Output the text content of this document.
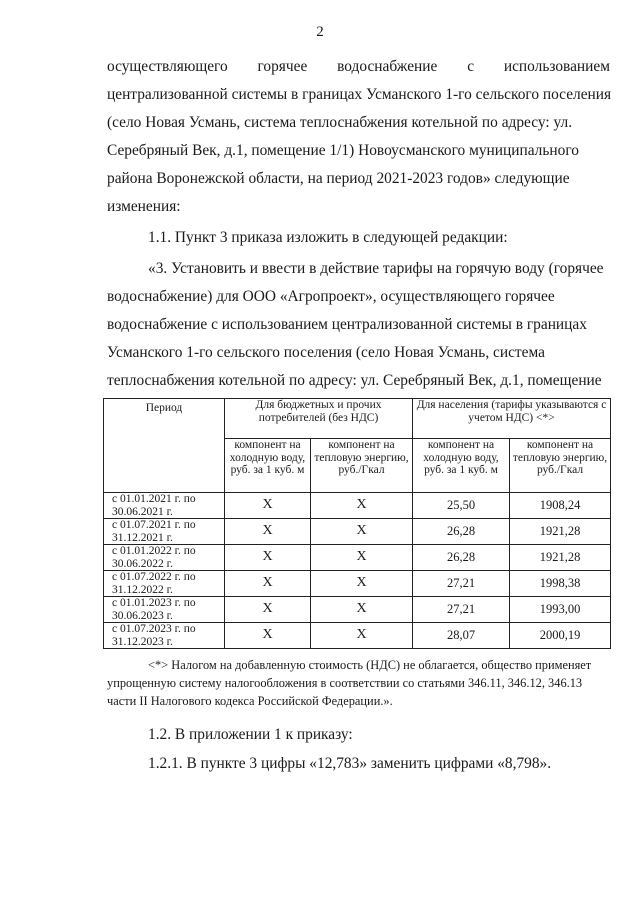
2
осуществляющего горячее водоснабжение с использованием
централизованной системы в границах Усманского 1-го сельского поселения
(село Новая Усмань, система теплоснабжения котельной по адресу: ул.
Серебряный Век, д.1, помещение 1/1) Новоусманского муниципального
района Воронежской области, на период 2021-2023 годов» следующие
изменения:
1.1. Пункт 3 приказа изложить в следующей редакции:
«3. Установить и ввести в действие тарифы на горячую воду (горячее
водоснабжение) для ООО «Агропроект», осуществляющего горячее
водоснабжение с использованием централизованной системы в границах
Усманского 1-го сельского поселения (село Новая Усмань, система
теплоснабжения котельной по адресу: ул. Серебряный Век, д.1, помещение
Период	Для бюджетных и прочих потребителей (без НДС)		Для населения (тарифы указываются с учетом НДС) <*>	
	компонент на холодную воду, руб. за 1 куб. м	компонент на тепловую энергию, руб./Гкал	компонент на холодную воду, руб. за 1 куб. м	компонент на тепловую энергию, руб./Гкал
с 01.01.2021 г. по 30.06.2021 г.	Х	Х	25,50	1908,24
с 01.07.2021 г. по 31.12.2021 г.	Х	Х	26,28	1921,28
с 01.01.2022 г. по 30.06.2022 г.	Х	Х	26,28	1921,28
с 01.07.2022 г. по 31.12.2022 г.	Х	Х	27,21	1998,38
с 01.01.2023 г. по 30.06.2023 г.	Х	Х	27,21	1993,00
с 01.07.2023 г. по 31.12.2023 г.	Х	Х	28,07	2000,19
<*> Налогом на добавленную стоимость (НДС) не облагается, общество применяет
упрощенную систему налогообложения в соответствии со статьями 346.11, 346.12, 346.13
части II Налогового кодекса Российской Федерации.».
1.2. В приложении 1 к приказу:
1.2.1. В пункте 3 цифры «12,783» заменить цифрами «8,798».
